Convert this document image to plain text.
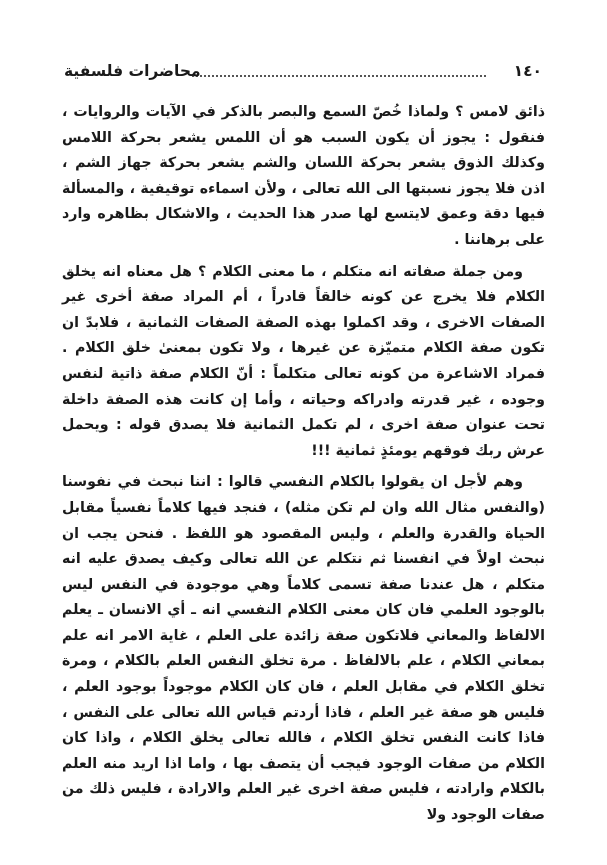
١٤٠
محاضرات فلسفية

ذائق لامس ؟ ولماذا خُصّ السمع والبصر بالذكر في الآيات والروايات ، فنقول : يجوز أن يكون السبب هو أن اللمس يشعر بحركة اللامس وكذلك الذوق يشعر بحركة اللسان والشم يشعر بحركة جهاز الشم ، اذن فلا يجوز نسبتها الى الله تعالى ، ولأن اسماءه توقيفية ، والمسألة فيها دقة وعمق لايتسع لها صدر هذا الحديث ، والاشكال بظاهره وارد على برهاننا .

ومن جملة صفاته انه متكلم ، ما معنى الكلام ؟ هل معناه انه يخلق الكلام فلا يخرج عن كونه خالقاً قادراً ، أم المراد صفة أخرى غير الصفات الاخرى ، وقد اكملوا بهذه الصفة الصفات الثمانية ، فلابدّ ان تكون صفة الكلام متميّزة عن غيرها ، ولا تكون بمعنىٰ خلق الكلام . فمراد الاشاعرة من كونه تعالى متكلماً : أنّ الكلام صفة ذاتية لنفس وجوده ، غير قدرته وادراكه وحياته ، وأما إن كانت هذه الصفة داخلة تحت عنوان صفة اخرى ، لم تكمل الثمانية فلا يصدق قوله : ويحمل عرش ربك فوقهم يومئذٍ ثمانية !!!

وهم لأجل ان يقولوا بالكلام النفسي قالوا : اننا نبحث في نفوسنا (والنفس مثال الله وان لم تكن مثله) ، فنجد فيها كلاماً نفسياً مقابل الحياة والقدرة والعلم ، وليس المقصود هو اللفظ . فنحن يجب ان نبحث اولاً في انفسنا ثم نتكلم عن الله تعالى وكيف يصدق عليه انه متكلم ، هل عندنا صفة تسمى كلاماً وهي موجودة في النفس ليس بالوجود العلمي فان كان معنى الكلام النفسي انه ـ أي الانسان ـ يعلم الالفاظ والمعاني فلاتكون صفة زائدة على العلم ، غاية الامر انه علم بمعاني الكلام ، علم بالالفاظ . مرة تخلق النفس العلم بالكلام ، ومرة تخلق الكلام في مقابل العلم ، فان كان الكلام موجوداً بوجود العلم ، فليس هو صفة غير العلم ، فاذا أردتم قياس الله تعالى على النفس ، فاذا كانت النفس تخلق الكلام ، فالله تعالى يخلق الكلام ، واذا كان الكلام من صفات الوجود فيجب أن يتصف بها ، واما اذا اريد منه العلم بالكلام وارادته ، فليس صفة اخرى غير العلم والارادة ، فليس ذلك من صفات الوجود ولا
